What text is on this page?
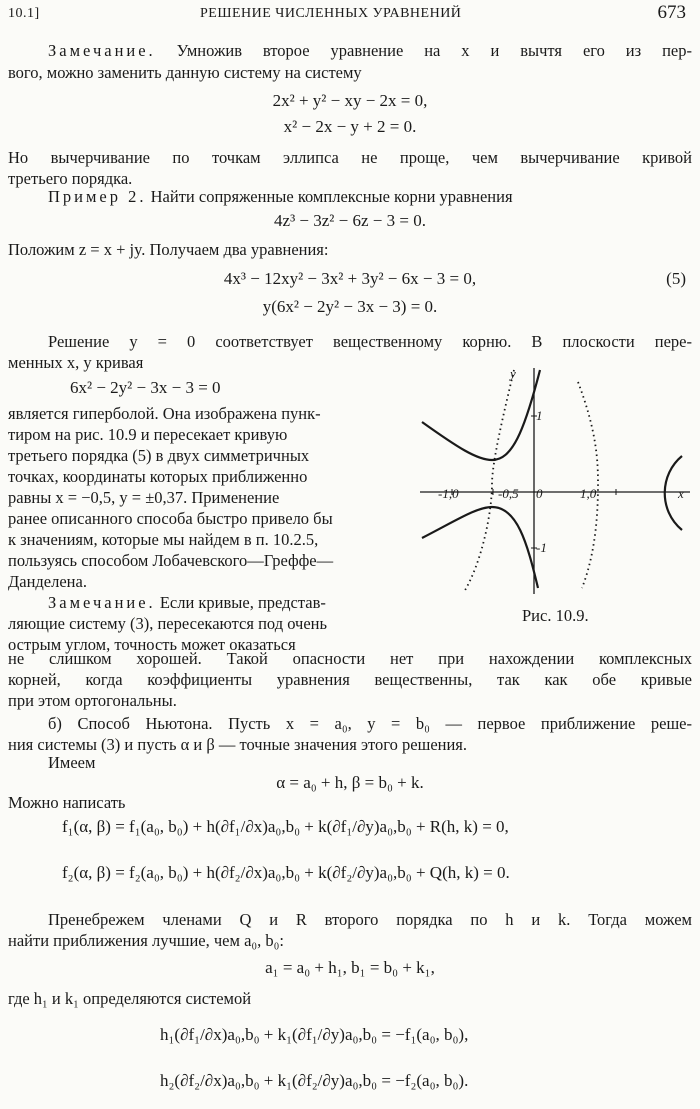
10.1]	РЕШЕНИЕ ЧИСЛЕННЫХ УРАВНЕНИЙ	673
Замечание. Умножив второе уравнение на x и вычтя его из пер-
вого, можно заменить данную систему на систему
2x² + y² − xy − 2x = 0,
x² − 2x − y + 2 = 0.
Но вычерчивание по точкам эллипса не проще, чем вычерчивание кривой
третьего порядка.
Пример 2. Найти сопряженные комплексные корни уравнения
4z³ − 3z² − 6z − 3 = 0.
Положим z = x + jy. Получаем два уравнения:
4x³ − 12xy² − 3x² + 3y² − 6x − 3 = 0,	(5)
y(6x² − 2y² − 3x − 3) = 0.
Решение y = 0 соответствует вещественному корню. В плоскости пере-
менных x, y кривая
6x² − 2y² − 3x − 3 = 0
является гиперболой. Она изображена пунк-
тиром на рис. 10.9 и пересекает кривую
третьего порядка (5) в двух симметричных
точках, координаты которых приближенно
равны x = −0,5, y = ±0,37. Применение
ранее описанного способа быстро привело бы
к значениям, которые мы найдем в п. 10.2.5,
пользуясь способом Лобачевского—Греффе—
Данделена.
Замечание. Если кривые, представ-
ляющие систему (3), пересекаются под очень
острым углом, точность может оказаться
y
x
-1,0	-0,5 0	1,0
1
-1
Рис. 10.9.
не слишком хорошей. Такой опасности нет при нахождении комплексных
корней, когда коэффициенты уравнения вещественны, так как обе кривые
при этом ортогональны.
б) Способ Ньютона. Пусть x = a₀, y = b₀ — первое приближение реше-
ния системы (3) и пусть α и β — точные значения этого решения.
Имеем
α = a₀ + h, β = b₀ + k.
Можно написать
f₁(α, β) = f₁(a₀, b₀) + h(∂f₁/∂x)a₀,b₀ + k(∂f₁/∂y)a₀,b₀ + R(h, k) = 0,
f₂(α, β) = f₂(a₀, b₀) + h(∂f₂/∂x)a₀,b₀ + k(∂f₂/∂y)a₀,b₀ + Q(h, k) = 0.
Пренебрежем членами Q и R второго порядка по h и k. Тогда можем
найти приближения лучшие, чем a₀, b₀:
a₁ = a₀ + h₁, b₁ = b₀ + k₁,
где h₁ и k₁ определяются системой
h₁(∂f₁/∂x)a₀,b₀ + k₁(∂f₁/∂y)a₀,b₀ = −f₁(a₀, b₀),
h₂(∂f₂/∂x)a₀,b₀ + k₁(∂f₂/∂y)a₀,b₀ = −f₂(a₀, b₀).
